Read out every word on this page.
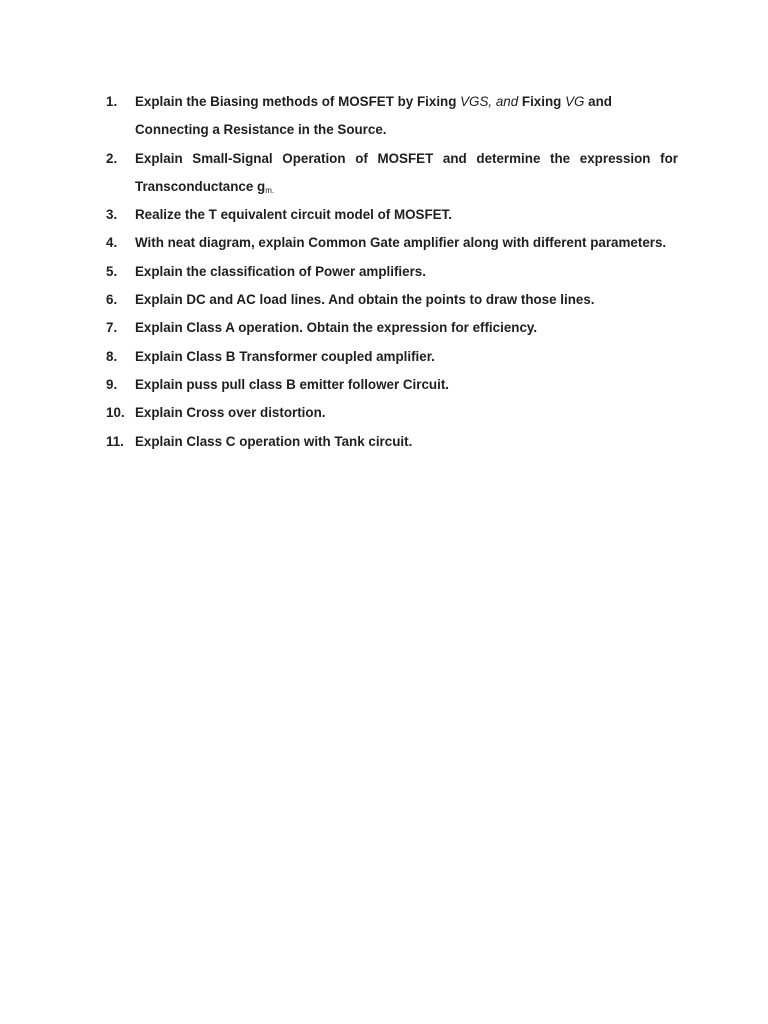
1.	Explain the Biasing methods of MOSFET by Fixing VGS, and Fixing VG and Connecting a Resistance in the Source.
2.	Explain Small-Signal Operation of MOSFET and determine the expression for Transconductance $g_{m.}$
3.	Realize the T equivalent circuit model of MOSFET.
4.	With neat diagram, explain Common Gate amplifier along with different parameters.
5.	Explain the classification of Power amplifiers.
6.	Explain DC and AC load lines. And obtain the points to draw those lines.
7.	Explain Class A operation. Obtain the expression for efficiency.
8.	Explain Class B Transformer coupled amplifier.
9.	Explain puss pull class B emitter follower Circuit.
10. Explain Cross over distortion.
11. Explain Class C operation with Tank circuit.
